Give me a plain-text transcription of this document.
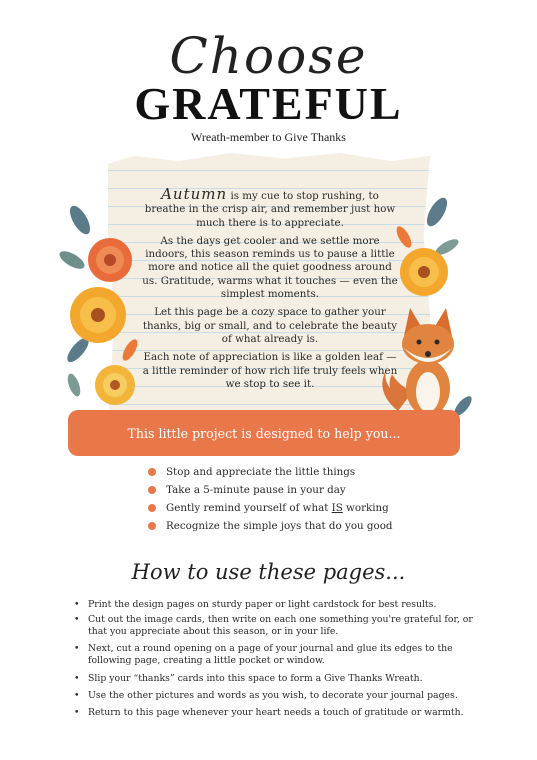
Choose
GRATEFUL
Wreath-member to Give Thanks

Autumn is my cue to stop rushing, to breathe in the crisp air, and remember just how much there is to appreciate.

As the days get cooler and we settle more indoors, this season reminds us to pause a little more and notice all the quiet goodness around us. Gratitude, warms what it touches — even the simplest moments.

Let this page be a cozy space to gather your thanks, big or small, and to celebrate the beauty of what already is.

Each note of appreciation is like a golden leaf — a little reminder of how rich life truly feels when we stop to see it.

This little project is designed to help you...
Stop and appreciate the little things
Take a 5-minute pause in your day
Gently remind yourself of what IS working
Recognize the simple joys that do you good
How to use these pages...
• Print the design pages on sturdy paper or light cardstock for best results.
• Cut out the image cards, then write on each one something you're grateful for, or that you appreciate about this season, or in your life.
• Next, cut a round opening on a page of your journal and glue its edges to the following page, creating a little pocket or window.
• Slip your “thanks” cards into this space to form a Give Thanks Wreath.
• Use the other pictures and words as you wish, to decorate your journal pages.
• Return to this page whenever your heart needs a touch of gratitude or warmth.
